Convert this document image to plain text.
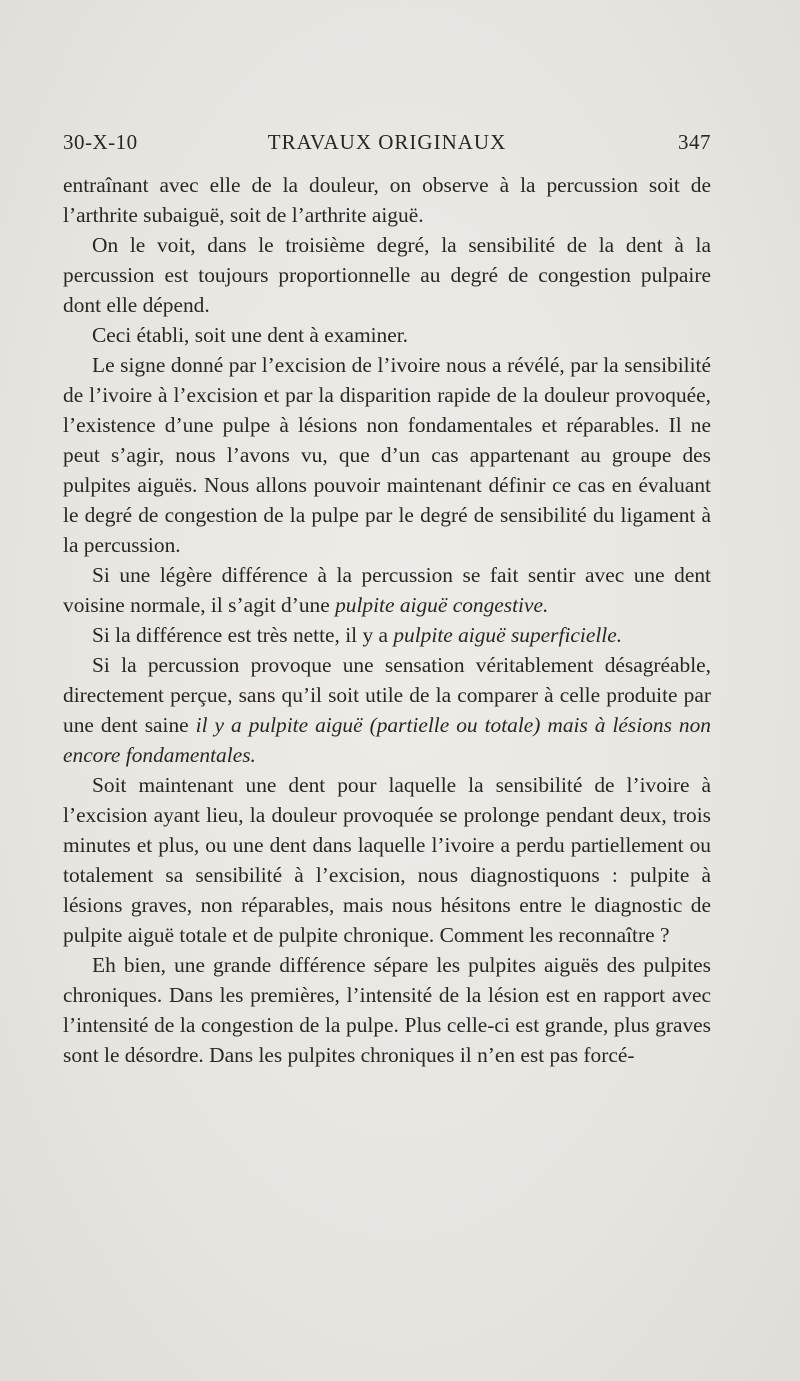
30-X-10	TRAVAUX ORIGINAUX	347

entraînant avec elle de la douleur, on observe à la percussion soit de l’arthrite subaiguë, soit de l’arthrite aiguë.

On le voit, dans le troisième degré, la sensibilité de la dent à la percussion est toujours proportionnelle au degré de congestion pulpaire dont elle dépend.

Ceci établi, soit une dent à examiner.

Le signe donné par l’excision de l’ivoire nous a révélé, par la sensibilité de l’ivoire à l’excision et par la disparition rapide de la douleur provoquée, l’existence d’une pulpe à lésions non fondamentales et réparables. Il ne peut s’agir, nous l’avons vu, que d’un cas appartenant au groupe des pulpites aiguës. Nous allons pouvoir maintenant définir ce cas en évaluant le degré de congestion de la pulpe par le degré de sensibilité du ligament à la percussion.

Si une légère différence à la percussion se fait sentir avec une dent voisine normale, il s’agit d’une pulpite aiguë congestive.

Si la différence est très nette, il y a pulpite aiguë superficielle.

Si la percussion provoque une sensation véritablement désagréable, directement perçue, sans qu’il soit utile de la comparer à celle produite par une dent saine il y a pulpite aiguë (partielle ou totale) mais à lésions non encore fondamentales.

Soit maintenant une dent pour laquelle la sensibilité de l’ivoire à l’excision ayant lieu, la douleur provoquée se prolonge pendant deux, trois minutes et plus, ou une dent dans laquelle l’ivoire a perdu partiellement ou totalement sa sensibilité à l’excision, nous diagnostiquons : pulpite à lésions graves, non réparables, mais nous hésitons entre le diagnostic de pulpite aiguë totale et de pulpite chronique. Comment les reconnaître ?

Eh bien, une grande différence sépare les pulpites aiguës des pulpites chroniques. Dans les premières, l’intensité de la lésion est en rapport avec l’intensité de la congestion de la pulpe. Plus celle-ci est grande, plus graves sont le désordre. Dans les pulpites chroniques il n’en est pas forcé-
